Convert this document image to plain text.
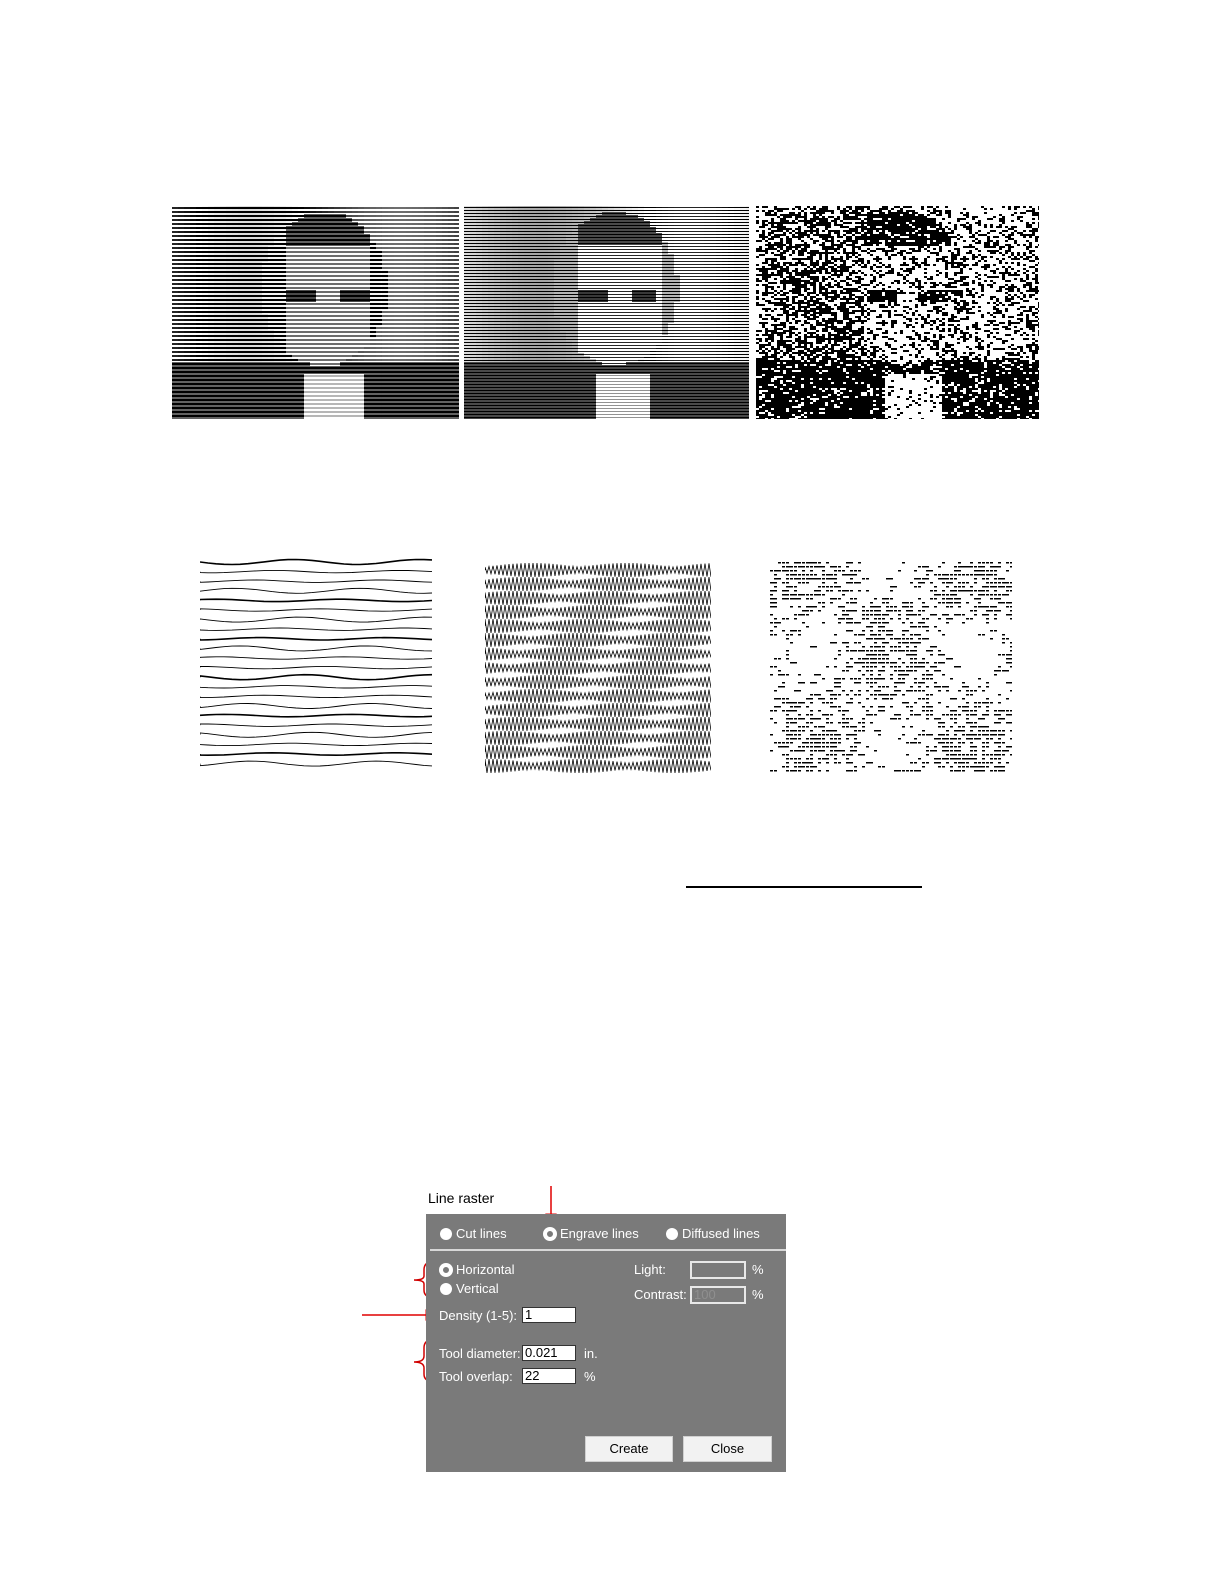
Line raster
Cut lines	Engrave lines	Diffused lines
Horizontal
Vertical
Light:	%
Contrast: 100	%
Density (1-5): 1
Tool diameter: 0.021	in.
Tool overlap: 22	%
Create	Close
